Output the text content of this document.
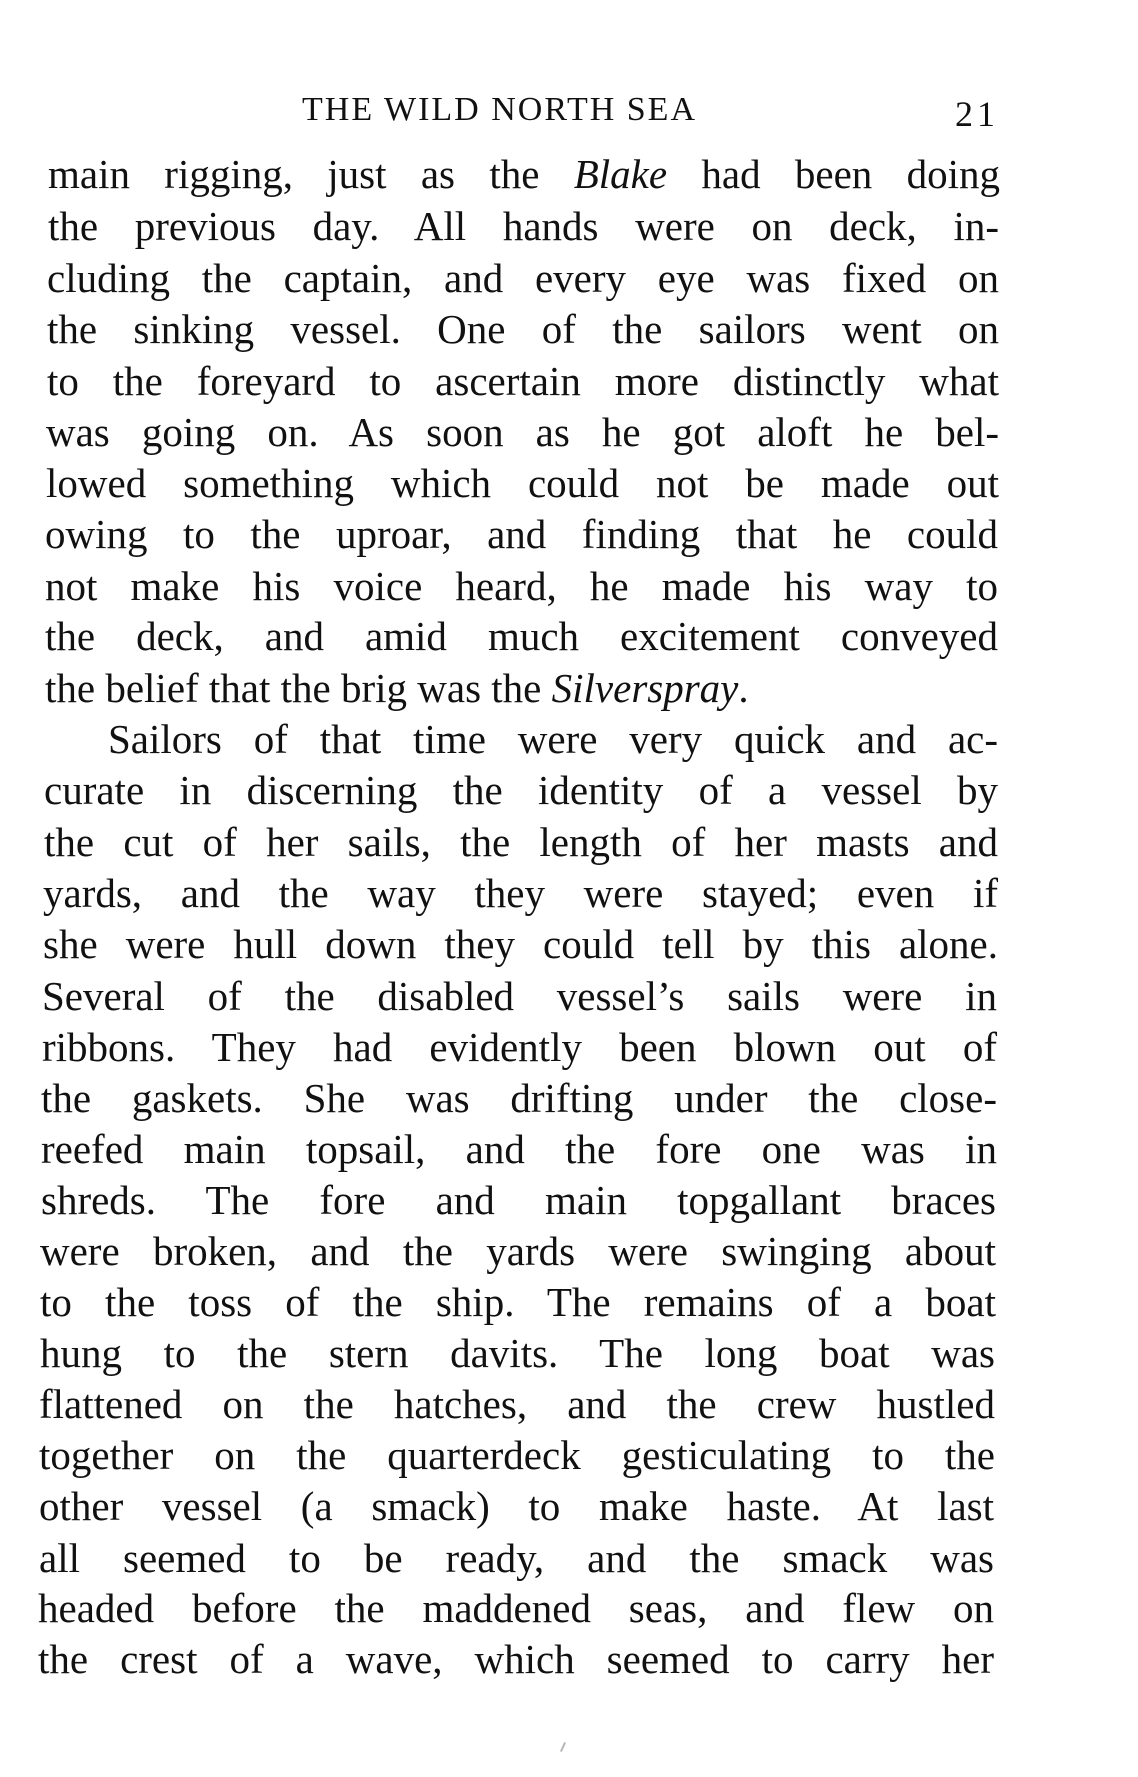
THE WILD NORTH SEA	21
main rigging, just as the Blake had been doing
the previous day. All hands were on deck, in-
cluding the captain, and every eye was fixed on
the sinking vessel. One of the sailors went on
to the foreyard to ascertain more distinctly what
was going on. As soon as he got aloft he bel-
lowed something which could not be made out
owing to the uproar, and finding that he could
not make his voice heard, he made his way to
the deck, and amid much excitement conveyed
the belief that the brig was the Silverspray.
Sailors of that time were very quick and ac-
curate in discerning the identity of a vessel by
the cut of her sails, the length of her masts and
yards, and the way they were stayed; even if
she were hull down they could tell by this alone.
Several of the disabled vessel’s sails were in
ribbons. They had evidently been blown out of
the gaskets. She was drifting under the close-
reefed main topsail, and the fore one was in
shreds. The fore and main topgallant braces
were broken, and the yards were swinging about
to the toss of the ship. The remains of a boat
hung to the stern davits. The long boat was
flattened on the hatches, and the crew hustled
together on the quarterdeck gesticulating to the
other vessel (a smack) to make haste. At last
all seemed to be ready, and the smack was
headed before the maddened seas, and flew on
the crest of a wave, which seemed to carry her
